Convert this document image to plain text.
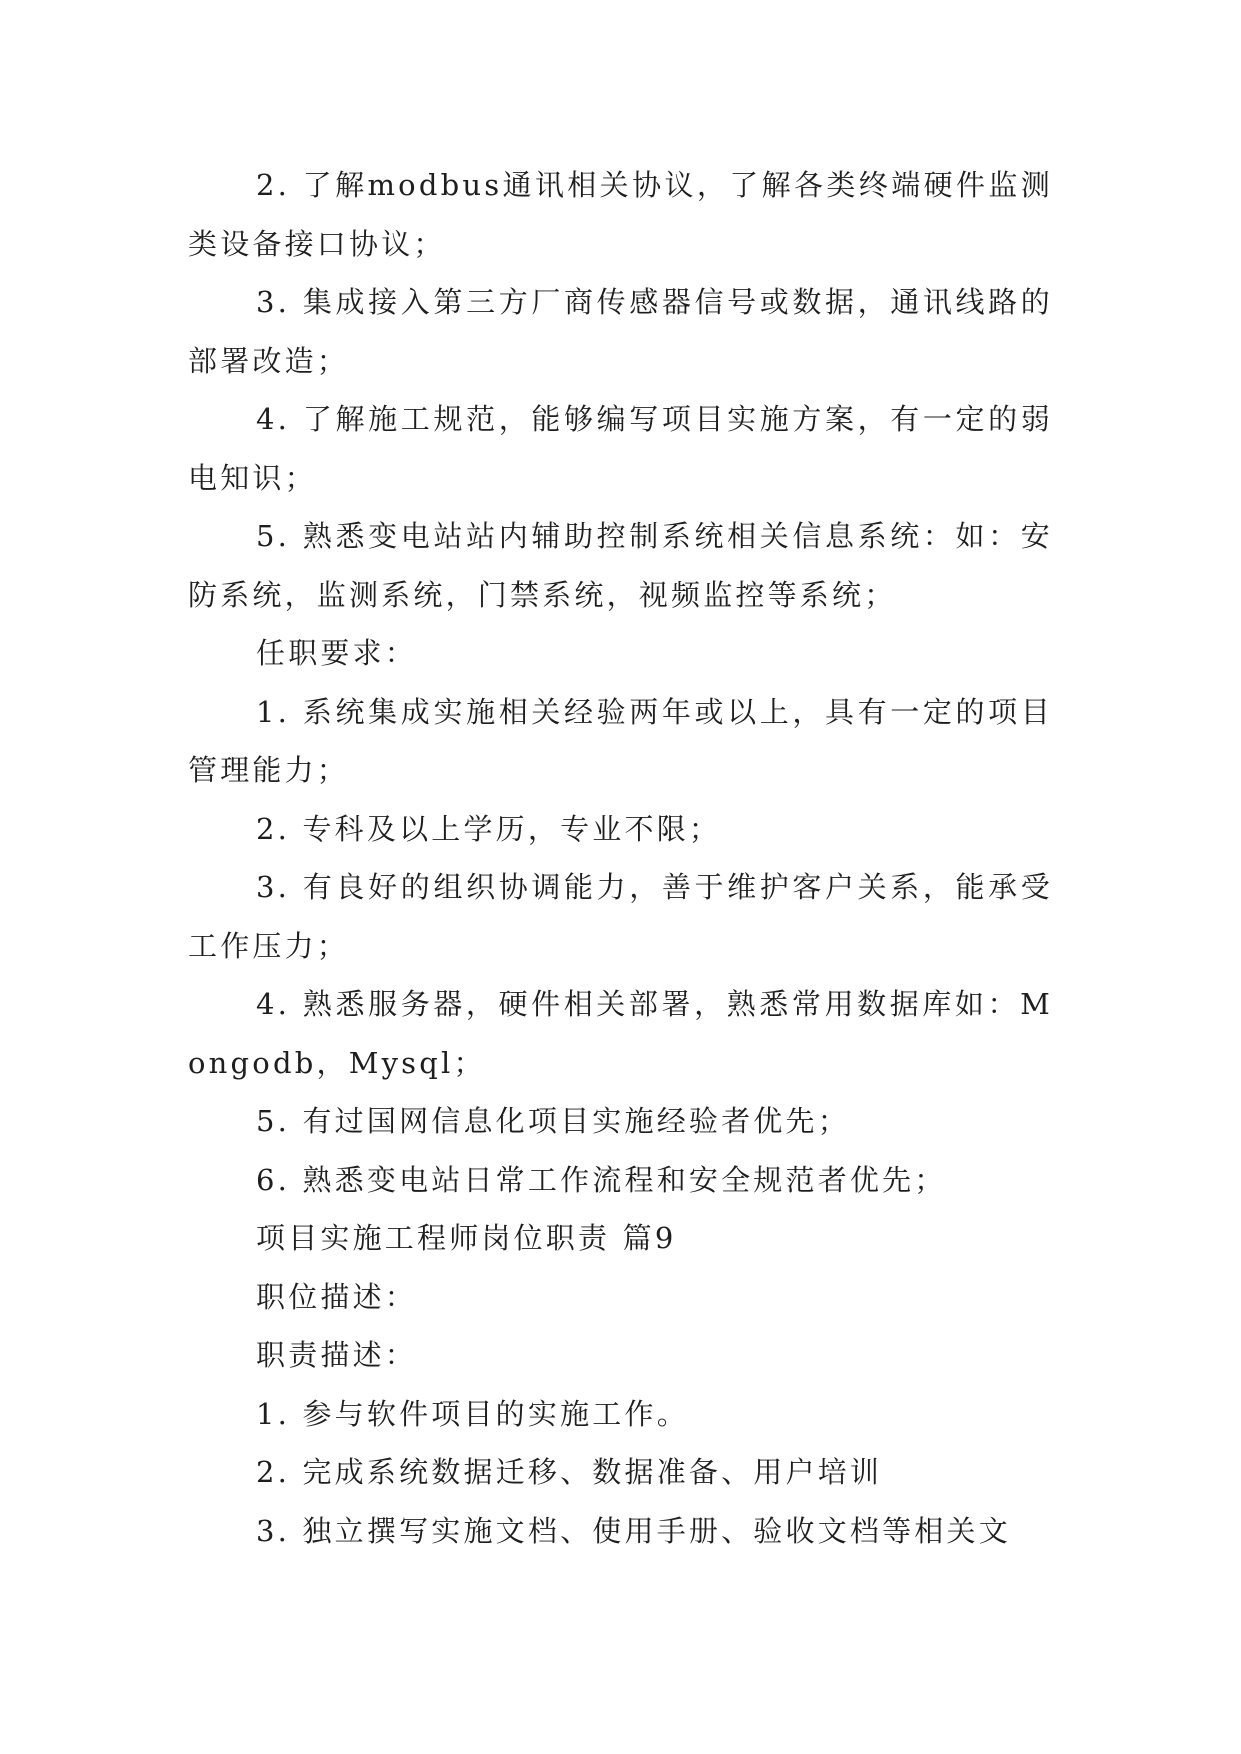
2. 了解modbus通讯相关协议，了解各类终端硬件监测类设备接口协议；

3. 集成接入第三方厂商传感器信号或数据，通讯线路的部署改造；

4. 了解施工规范，能够编写项目实施方案，有一定的弱电知识；

5. 熟悉变电站站内辅助控制系统相关信息系统：如：安防系统，监测系统，门禁系统，视频监控等系统；

任职要求：

1. 系统集成实施相关经验两年或以上，具有一定的项目管理能力；

2. 专科及以上学历，专业不限；

3. 有良好的组织协调能力，善于维护客户关系，能承受工作压力；

4. 熟悉服务器，硬件相关部署，熟悉常用数据库如：Mongodb，Mysql；

5. 有过国网信息化项目实施经验者优先；

6. 熟悉变电站日常工作流程和安全规范者优先；

项目实施工程师岗位职责 篇9

职位描述：

职责描述：

1. 参与软件项目的实施工作。

2. 完成系统数据迁移、数据准备、用户培训

3. 独立撰写实施文档、使用手册、验收文档等相关文
